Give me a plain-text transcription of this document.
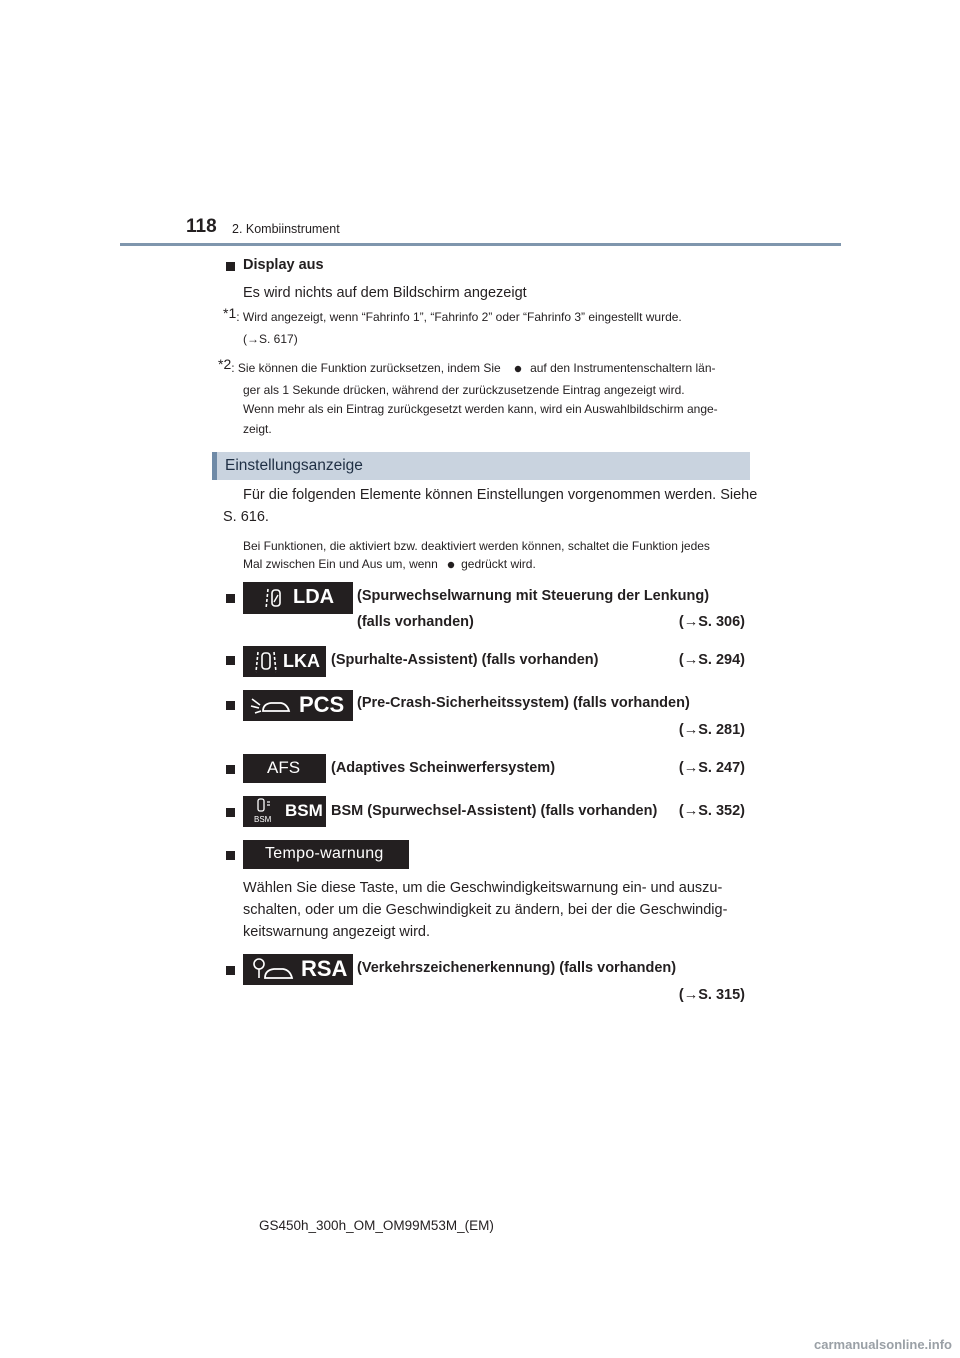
118 2. Kombiinstrument
Display aus
Es wird nichts auf dem Bildschirm angezeigt
*1: Wird angezeigt, wenn “Fahrinfo 1”, “Fahrinfo 2” oder “Fahrinfo 3” eingestellt wurde.
(→S. 617)
*2: Sie können die Funktion zurücksetzen, indem Sie auf den Instrumentenschaltern län-
ger als 1 Sekunde drücken, während der zurückzusetzende Eintrag angezeigt wird.
Wenn mehr als ein Eintrag zurückgesetzt werden kann, wird ein Auswahlbildschirm ange-
zeigt.
Einstellungsanzeige
Für die folgenden Elemente können Einstellungen vorgenommen werden. Siehe
S. 616.
Bei Funktionen, die aktiviert bzw. deaktiviert werden können, schaltet die Funktion jedes
Mal zwischen Ein und Aus um, wenn gedrückt wird.
LDA (Spurwechselwarnung mit Steuerung der Lenkung)
(falls vorhanden)	(→S. 306)
LKA (Spurhalte-Assistent) (falls vorhanden)	(→S. 294)
PCS (Pre-Crash-Sicherheitssystem) (falls vorhanden)
(→S. 281)
AFS (Adaptives Scheinwerfersystem)	(→S. 247)
BSM BSM BSM (Spurwechsel-Assistent) (falls vorhanden)	(→S. 352)
Tempo-warnung
Wählen Sie diese Taste, um die Geschwindigkeitswarnung ein- und auszu-
schalten, oder um die Geschwindigkeit zu ändern, bei der die Geschwindig-
keitswarnung angezeigt wird.
RSA (Verkehrszeichenerkennung) (falls vorhanden)
(→S. 315)
GS450h_300h_OM_OM99M53M_(EM)
carmanualsonline.info
